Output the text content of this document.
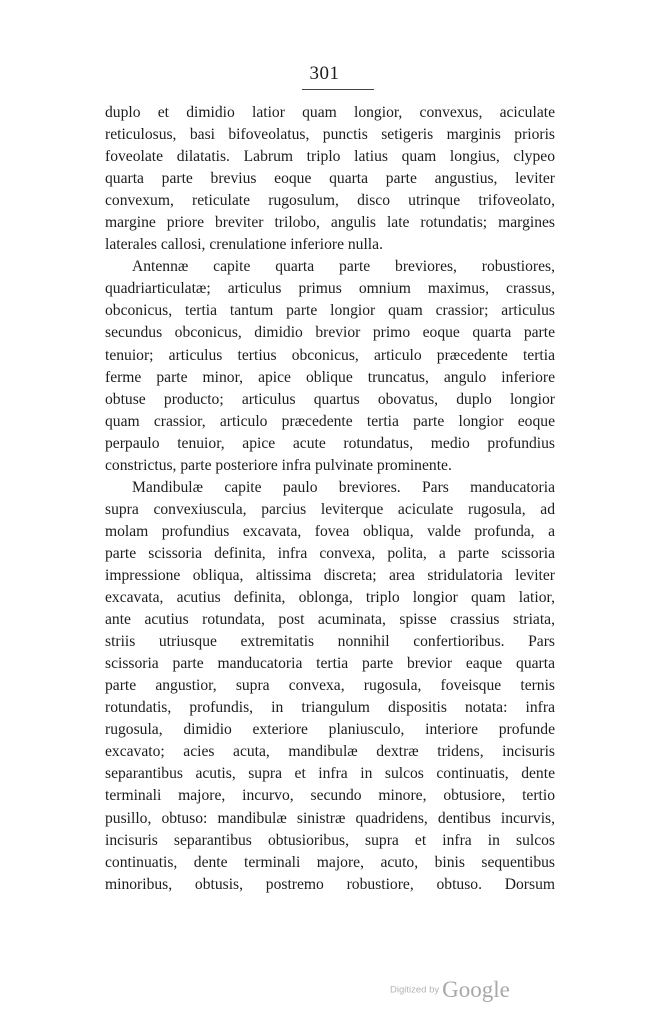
301
duplo et dimidio latior quam longior, convexus, aciculate
reticulosus, basi bifoveolatus, punctis setigeris marginis prioris
foveolate dilatatis. Labrum triplo latius quam longius, clypeo
quarta parte brevius eoque quarta parte angustius, leviter
convexum, reticulate rugosulum, disco utrinque trifoveolato,
margine priore breviter trilobo, angulis late rotundatis; margines
laterales callosi, crenulatione inferiore nulla.
Antennæ capite quarta parte breviores, robustiores,
quadriarticulatæ; articulus primus omnium maximus, crassus,
obconicus, tertia tantum parte longior quam crassior; articulus
secundus obconicus, dimidio brevior primo eoque quarta parte
tenuior; articulus tertius obconicus, articulo præcedente tertia
ferme parte minor, apice oblique truncatus, angulo inferiore
obtuse producto; articulus quartus obovatus, duplo longior
quam crassior, articulo præcedente tertia parte longior eoque
perpaulo tenuior, apice acute rotundatus, medio profundius
constrictus, parte posteriore infra pulvinate prominente.
Mandibulæ capite paulo breviores. Pars manducatoria
supra convexiuscula, parcius leviterque aciculate rugosula, ad
molam profundius excavata, fovea obliqua, valde profunda, a
parte scissoria definita, infra convexa, polita, a parte scissoria
impressione obliqua, altissima discreta; area stridulatoria leviter
excavata, acutius definita, oblonga, triplo longior quam latior,
ante acutius rotundata, post acuminata, spisse crassius striata,
striis utriusque extremitatis nonnihil confertioribus. Pars
scissoria parte manducatoria tertia parte brevior eaque quarta
parte angustior, supra convexa, rugosula, foveisque ternis
rotundatis, profundis, in triangulum dispositis notata: infra
rugosula, dimidio exteriore planiusculo, interiore profunde
excavato; acies acuta, mandibulæ dextræ tridens, incisuris
separantibus acutis, supra et infra in sulcos continuatis, dente
terminali majore, incurvo, secundo minore, obtusiore, tertio
pusillo, obtuso: mandibulæ sinistræ quadridens, dentibus incurvis,
incisuris separantibus obtusioribus, supra et infra in sulcos
continuatis, dente terminali majore, acuto, binis sequentibus
minoribus, obtusis, postremo robustiore, obtuso. Dorsum
Digitized by Google
